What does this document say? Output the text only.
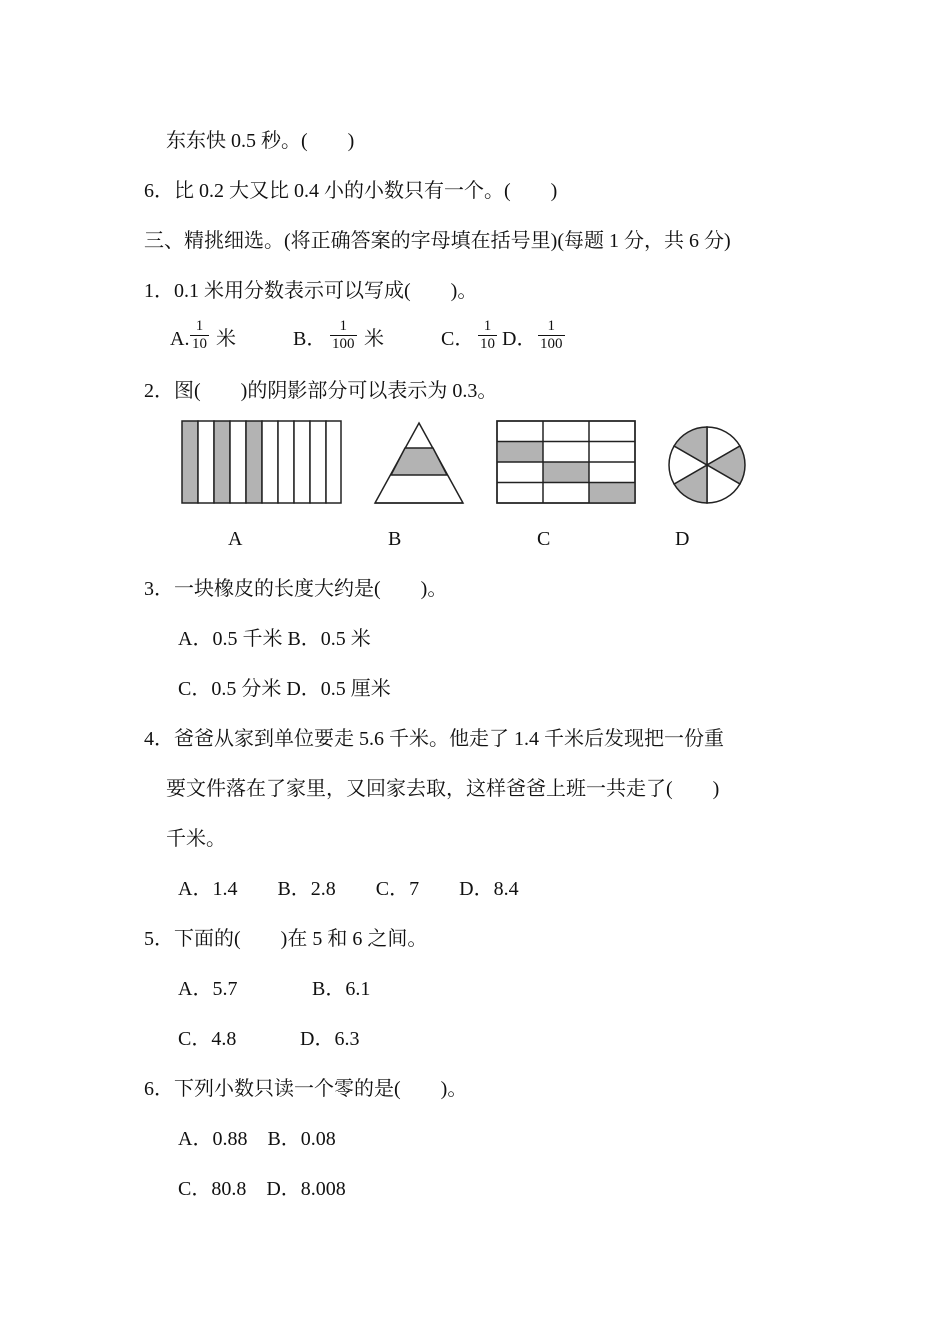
东东快 0.5 秒。(　　)
6．比 0.2 大又比 0.4 小的小数只有一个。(　　)
三、精挑细选。(将正确答案的字母填在括号里)(每题 1 分，共 6 分)
1．0.1 米用分数表示可以写成(　　)。
A. $\frac{1}{10}$ 米	B． $\frac{1}{100}$ 米	C． $\frac{1}{10}$ D． $\frac{1}{100}$
2．图(　　)的阴影部分可以表示为 0.3。
A	B	C	D
3．一块橡皮的长度大约是(　　)。
A．0.5 千米 B．0.5 米
C．0.5 分米 D．0.5 厘米
4．爸爸从家到单位要走 5.6 千米。他走了 1.4 千米后发现把一份重
要文件落在了家里，又回家去取，这样爸爸上班一共走了(　　)
千米。
A．1.4　　B．2.8　　C．7　　D．8.4
5．下面的(　　)在 5 和 6 之间。
A．5.7	B．6.1
C．4.8	D．6.3
6．下列小数只读一个零的是(　　)。
A．0.88　B．0.08
C．80.8　D．8.008
